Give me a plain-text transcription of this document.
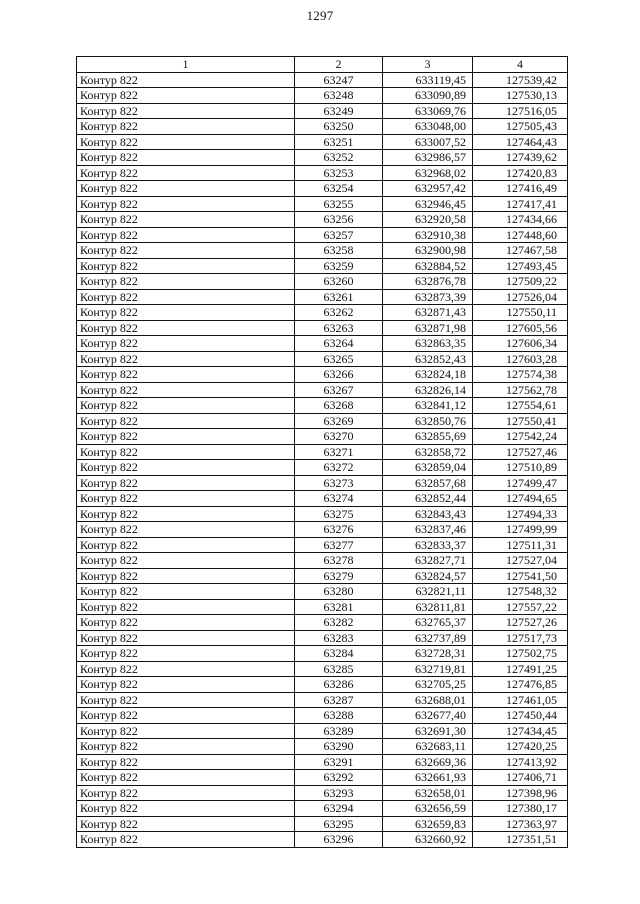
1297
1	2	3	4
Контур 822	63247	633119,45	127539,42
Контур 822	63248	633090,89	127530,13
Контур 822	63249	633069,76	127516,05
Контур 822	63250	633048,00	127505,43
Контур 822	63251	633007,52	127464,43
Контур 822	63252	632986,57	127439,62
Контур 822	63253	632968,02	127420,83
Контур 822	63254	632957,42	127416,49
Контур 822	63255	632946,45	127417,41
Контур 822	63256	632920,58	127434,66
Контур 822	63257	632910,38	127448,60
Контур 822	63258	632900,98	127467,58
Контур 822	63259	632884,52	127493,45
Контур 822	63260	632876,78	127509,22
Контур 822	63261	632873,39	127526,04
Контур 822	63262	632871,43	127550,11
Контур 822	63263	632871,98	127605,56
Контур 822	63264	632863,35	127606,34
Контур 822	63265	632852,43	127603,28
Контур 822	63266	632824,18	127574,38
Контур 822	63267	632826,14	127562,78
Контур 822	63268	632841,12	127554,61
Контур 822	63269	632850,76	127550,41
Контур 822	63270	632855,69	127542,24
Контур 822	63271	632858,72	127527,46
Контур 822	63272	632859,04	127510,89
Контур 822	63273	632857,68	127499,47
Контур 822	63274	632852,44	127494,65
Контур 822	63275	632843,43	127494,33
Контур 822	63276	632837,46	127499,99
Контур 822	63277	632833,37	127511,31
Контур 822	63278	632827,71	127527,04
Контур 822	63279	632824,57	127541,50
Контур 822	63280	632821,11	127548,32
Контур 822	63281	632811,81	127557,22
Контур 822	63282	632765,37	127527,26
Контур 822	63283	632737,89	127517,73
Контур 822	63284	632728,31	127502,75
Контур 822	63285	632719,81	127491,25
Контур 822	63286	632705,25	127476,85
Контур 822	63287	632688,01	127461,05
Контур 822	63288	632677,40	127450,44
Контур 822	63289	632691,30	127434,45
Контур 822	63290	632683,11	127420,25
Контур 822	63291	632669,36	127413,92
Контур 822	63292	632661,93	127406,71
Контур 822	63293	632658,01	127398,96
Контур 822	63294	632656,59	127380,17
Контур 822	63295	632659,83	127363,97
Контур 822	63296	632660,92	127351,51
